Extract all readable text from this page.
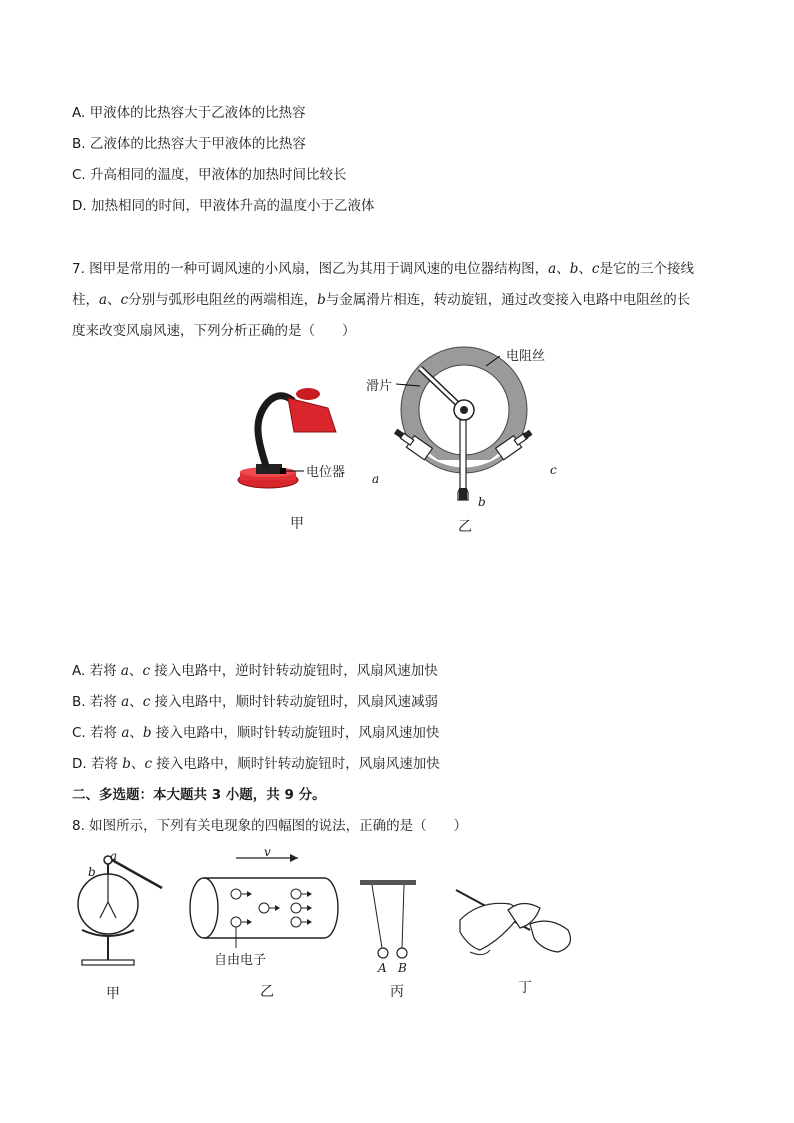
A. 甲液体的比热容大于乙液体的比热容
B. 乙液体的比热容大于甲液体的比热容
C. 升高相同的温度，甲液体的加热时间比较长
D. 加热相同的时间，甲液体升高的温度小于乙液体
7. 图甲是常用的一种可调风速的小风扇，图乙为其用于调风速的电位器结构图，a、b、c是它的三个接线
柱，a、c分别与弧形电阻丝的两端相连，b与金属滑片相连，转动旋钮，通过改变接入电路中电阻丝的长
度来改变风扇风速，下列分析正确的是（　　）
电位器
甲
电阻丝
滑片
a
b
c
乙
A. 若将 a、c 接入电路中，逆时针转动旋钮时，风扇风速加快
B. 若将 a、c 接入电路中，顺时针转动旋钮时，风扇风速减弱
C. 若将 a、b 接入电路中，顺时针转动旋钮时，风扇风速加快
D. 若将 b、c 接入电路中，顺时针转动旋钮时，风扇风速加快
二、多选题：本大题共 3 小题，共 9 分。
8. 如图所示，下列有关电现象的四幅图的说法，正确的是（　　）
a
b
甲
v
自由电子
乙
A B
丙	丁
